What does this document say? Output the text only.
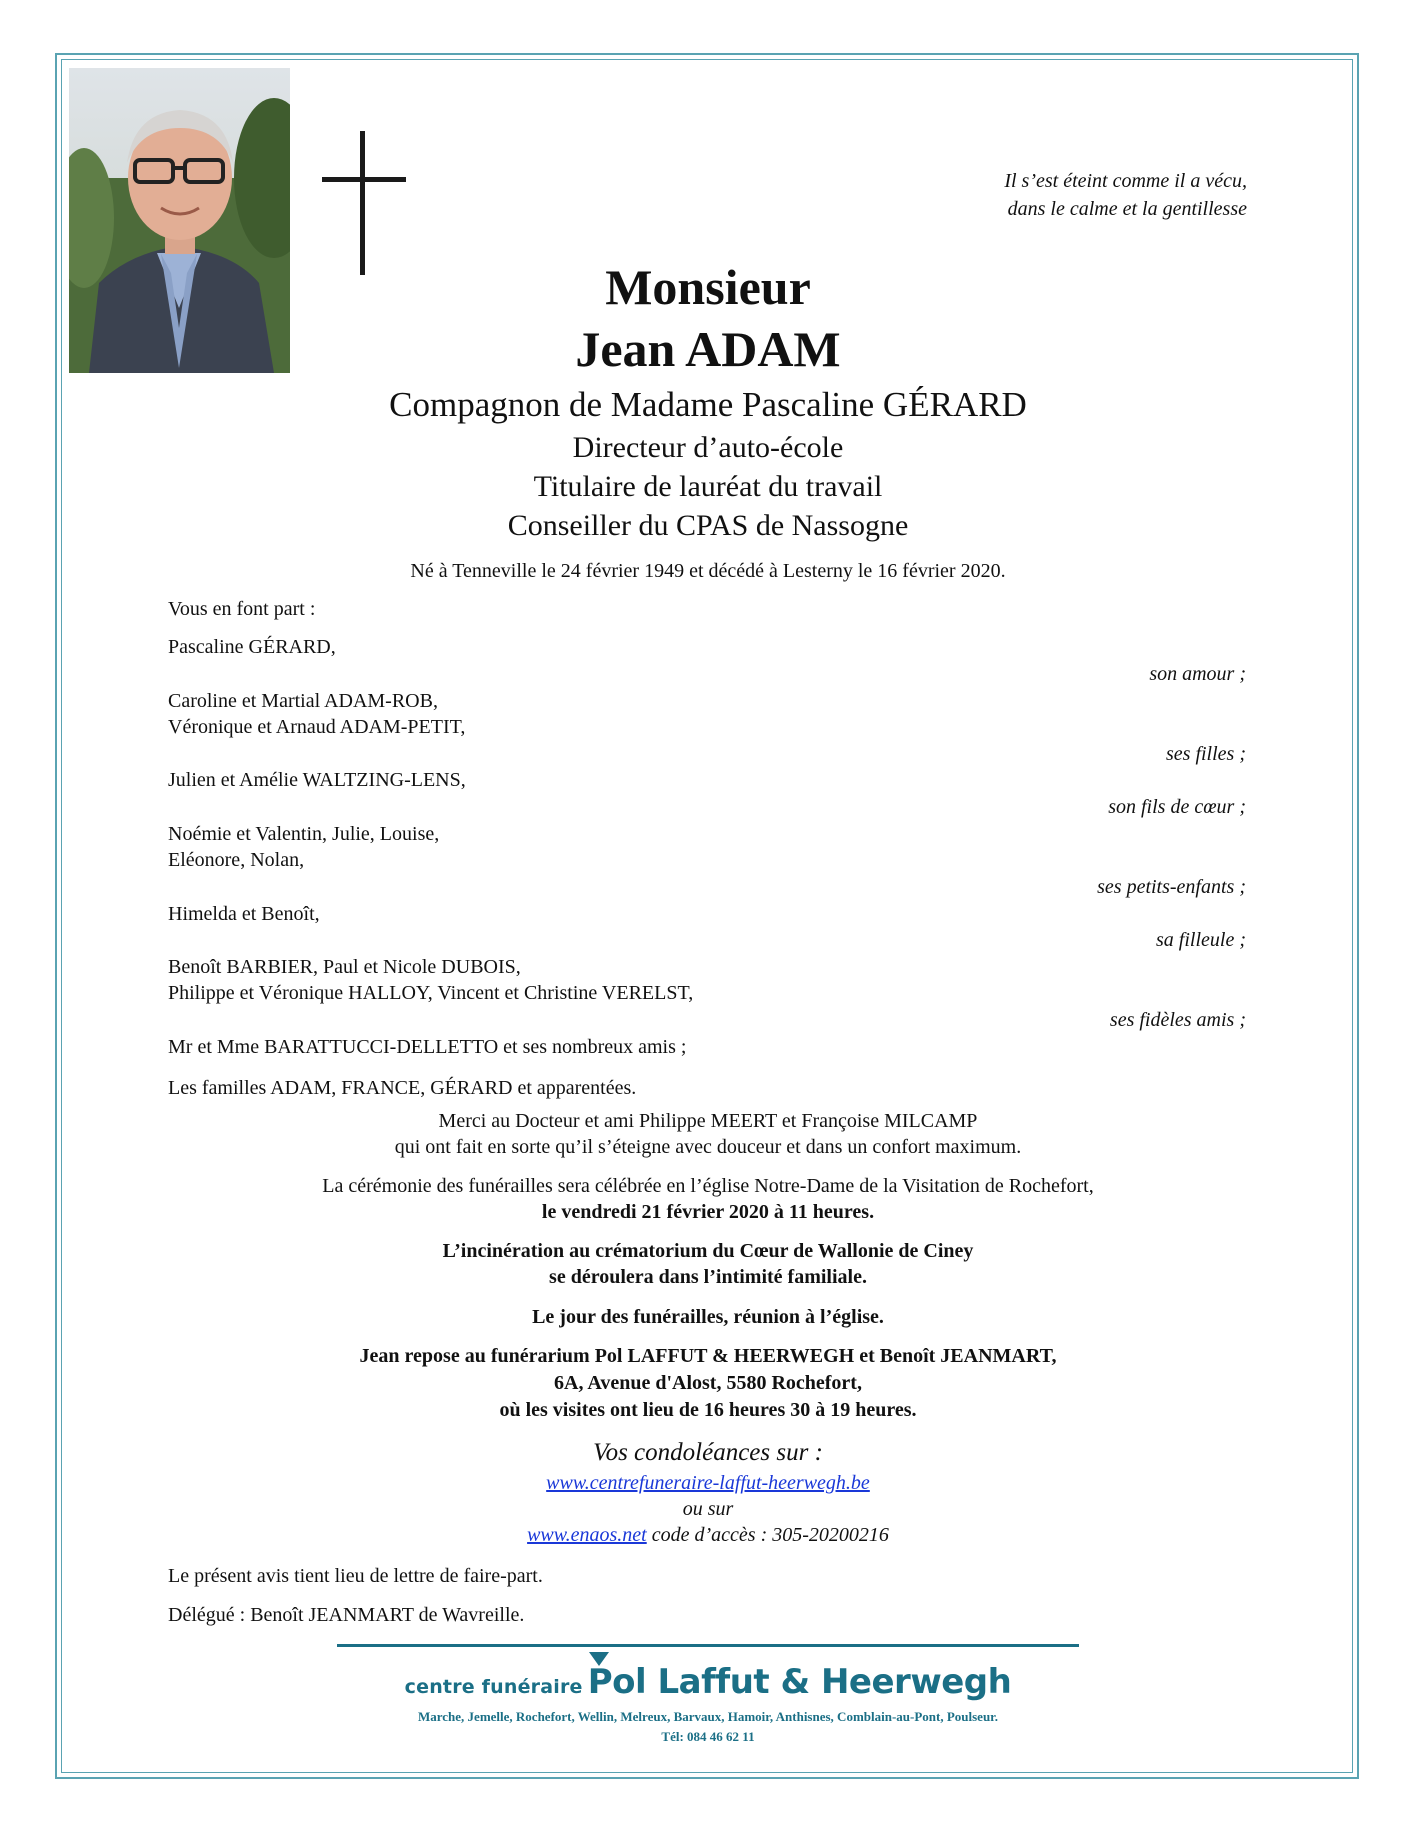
Il s’est éteint comme il a vécu,
dans le calme et la gentillesse
Monsieur
Jean ADAM
Compagnon de Madame Pascaline GÉRARD
Directeur d’auto-école
Titulaire de lauréat du travail
Conseiller du CPAS de Nassogne
Né à Tenneville le 24 février 1949 et décédé à Lesterny le 16 février 2020.
Vous en font part :
Pascaline GÉRARD,
son amour ;
Caroline et Martial ADAM-ROB,
Véronique et Arnaud ADAM-PETIT,
ses filles ;
Julien et Amélie WALTZING-LENS,
son fils de cœur ;
Noémie et Valentin, Julie, Louise,
Eléonore, Nolan,
ses petits-enfants ;
Himelda et Benoît,
sa filleule ;
Benoît BARBIER, Paul et Nicole DUBOIS,
Philippe et Véronique HALLOY, Vincent et Christine VERELST,
ses fidèles amis ;
Mr et Mme BARATTUCCI-DELLETTO et ses nombreux amis ;
Les familles ADAM, FRANCE, GÉRARD et apparentées.
Merci au Docteur et ami Philippe MEERT et Françoise MILCAMP
qui ont fait en sorte qu’il s’éteigne avec douceur et dans un confort maximum.
La cérémonie des funérailles sera célébrée en l’église Notre-Dame de la Visitation de Rochefort,
le vendredi 21 février 2020 à 11 heures.
L’incinération au crématorium du Cœur de Wallonie de Ciney
se déroulera dans l’intimité familiale.
Le jour des funérailles, réunion à l’église.
Jean repose au funérarium Pol LAFFUT & HEERWEGH et Benoît JEANMART,
6A, Avenue d'Alost, 5580 Rochefort,
où les visites ont lieu de 16 heures 30 à 19 heures.
Vos condoléances sur :
www.centrefuneraire-laffut-heerwegh.be
ou sur
www.enaos.net code d’accès : 305-20200216
Le présent avis tient lieu de lettre de faire-part.
Délégué : Benoît JEANMART de Wavreille.
centre funéraire Pol Laffut & Heerwegh
Marche, Jemelle, Rochefort, Wellin, Melreux, Barvaux, Hamoir, Anthisnes, Comblain-au-Pont, Poulseur.
Tél: 084 46 62 11
